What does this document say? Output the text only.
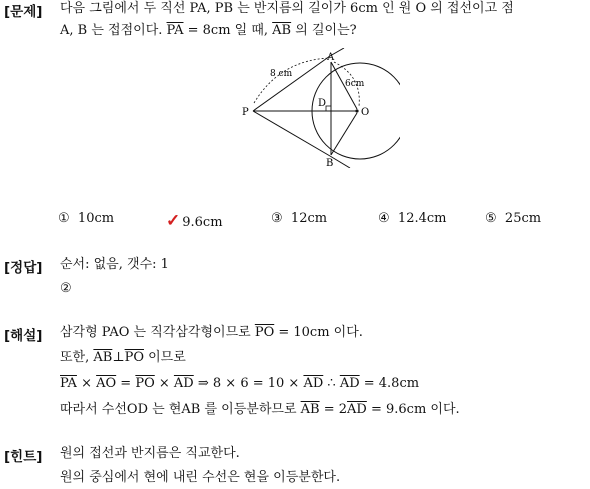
[문제] 다음 그림에서 두 직선 PA, PB 는 반지름의 길이가 6cm 인 원 O 의 접선이고 점
A, B 는 접점이다. $\overline{PA} = 8cm$ 일 때, $\overline{AB}$ 의 길이는?
P
A
B
O
D
8 cm
6cm
① 10cm	✓ 9.6cm	③ 12cm	④ 12.4cm	⑤ 25cm
[정답] 순서: 없음, 갯수: 1
②
[해설] 삼각형 PAO 는 직각삼각형이므로 $\overline{PO} = 10cm$ 이다.
또한, $\overline{AB}\perp\overline{PO}$ 이므로
$\overline{PA} \times \overline{AO} = \overline{PO} \times \overline{AD}$ ⇒ $8 \times 6 = 10 \times \overline{AD}$ ∴ $\overline{AD} = 4.8cm$
따라서 수선OD 는 현AB 를 이등분하므로 $\overline{AB} = 2\overline{AD} = 9.6cm$ 이다.
[힌트] 원의 접선과 반지름은 직교한다.
원의 중심에서 현에 내린 수선은 현을 이등분한다.
